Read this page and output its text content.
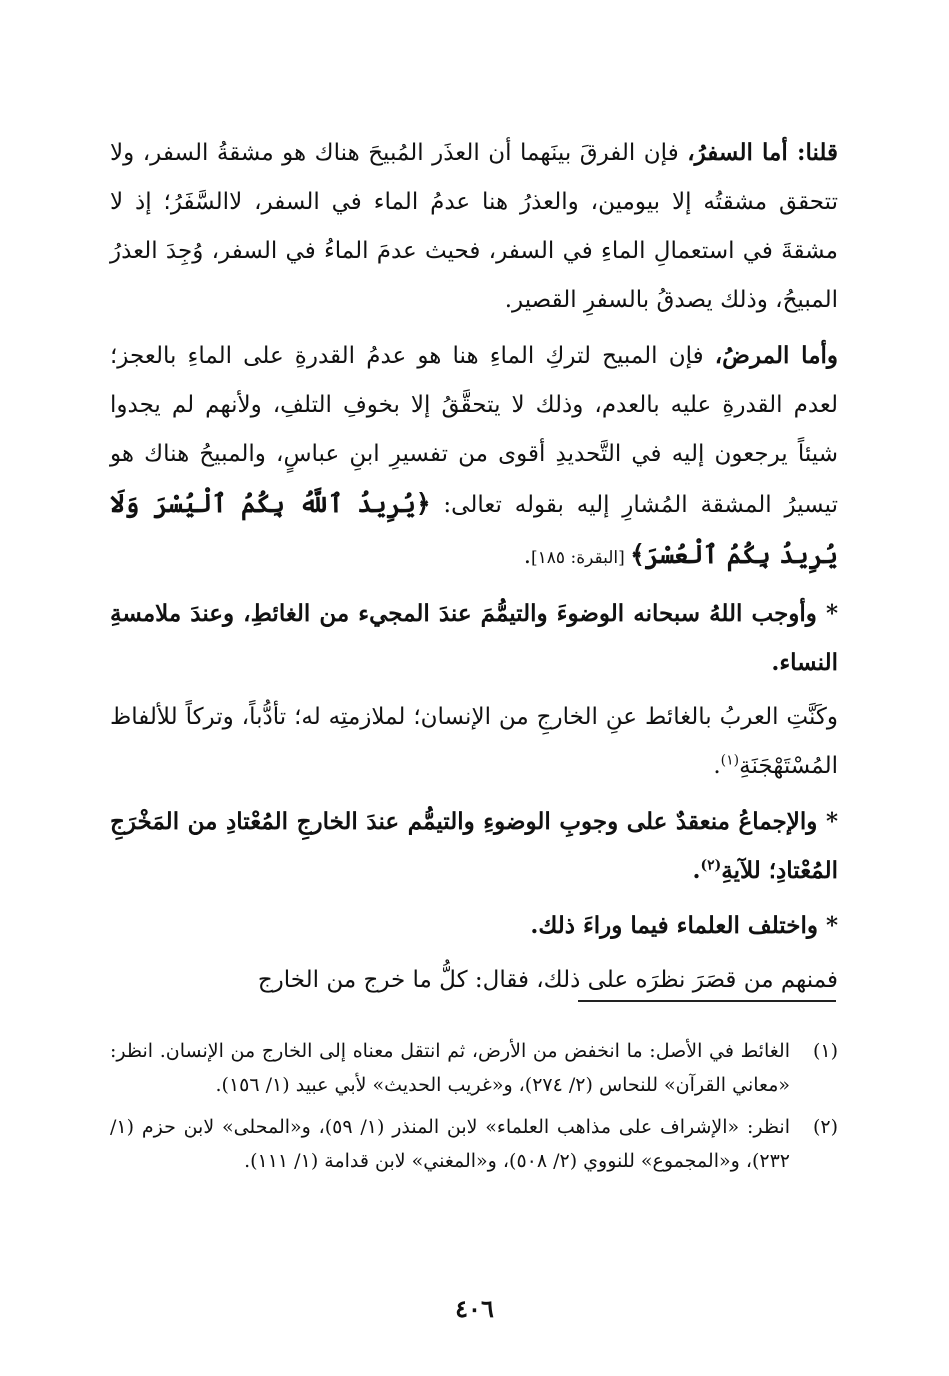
قلنا: أما السفرُ، فإن الفرقَ بينَهما أن العذَر المُبيحَ هناك هو مشقةُ السفر، ولا تتحقق مشقتُه إلا بيومين، والعذرُ هنا عدمُ الماء في السفر، لاالسَّفَرُ؛ إذ لا مشقةَ في استعمالِ الماءِ في السفر، فحيث عدمَ الماءُ في السفر، وُجِدَ العذرُ المبيحُ، وذلك يصدقُ بالسفرِ القصير.

وأما المرضُ، فإن المبيح لتركِ الماءِ هنا هو عدمُ القدرةِ على الماءِ بالعجز؛ لعدم القدرةِ عليه بالعدم، وذلك لا يتحقَّقُ إلا بخوفِ التلفِ، ولأنهم لم يجدوا شيئاً يرجعون إليه في التَّحديدِ أقوى من تفسيرِ ابنِ عباسٍ، والمبيحُ هناك هو تيسيرُ المشقة المُشارِ إليه بقوله تعالى: ﴿يُرِيدُ ٱللَّهُ بِكُمُ ٱلْيُسْرَ وَلَا يُرِيدُ بِكُمُ ٱلْعُسْرَ﴾ [البقرة: ١٨٥].

* وأوجب اللهُ سبحانه الوضوءَ والتيمُّمَ عندَ المجيء من الغائطِ، وعندَ ملامسةِ النساء.

وكَنَّتِ العربُ بالغائط عنِ الخارجِ من الإنسان؛ لملازمتِه له؛ تأدُّباً، وتركاً للألفاظ المُسْتَهْجَنَةِ$^{(١)}$.

* والإجماعُ منعقدٌ على وجوبِ الوضوءِ والتيمُّم عندَ الخارجِ المُعْتادِ من المَخْرَجِ المُعْتادِ؛ للآيةِ$^{(٢)}$.

* واختلف العلماء فيما وراءَ ذلك.

فمنهم من قصَرَ نظرَه على ذلك، فقال: كلُّ ما خرج من الخارج

(١)
الغائط في الأصل: ما انخفض من الأرض، ثم انتقل معناه إلى الخارج من الإنسان. انظر: «معاني القرآن» للنحاس (٢/ ٢٧٤)، و«غريب الحديث» لأبي عبيد (١/ ١٥٦).
(٢)
انظر: «الإشراف على مذاهب العلماء» لابن المنذر (١/ ٥٩)، و«المحلى» لابن حزم (١/ ٢٣٢)، و«المجموع» للنووي (٢/ ٥٠٨)، و«المغني» لابن قدامة (١/ ١١١).
٤٠٦
